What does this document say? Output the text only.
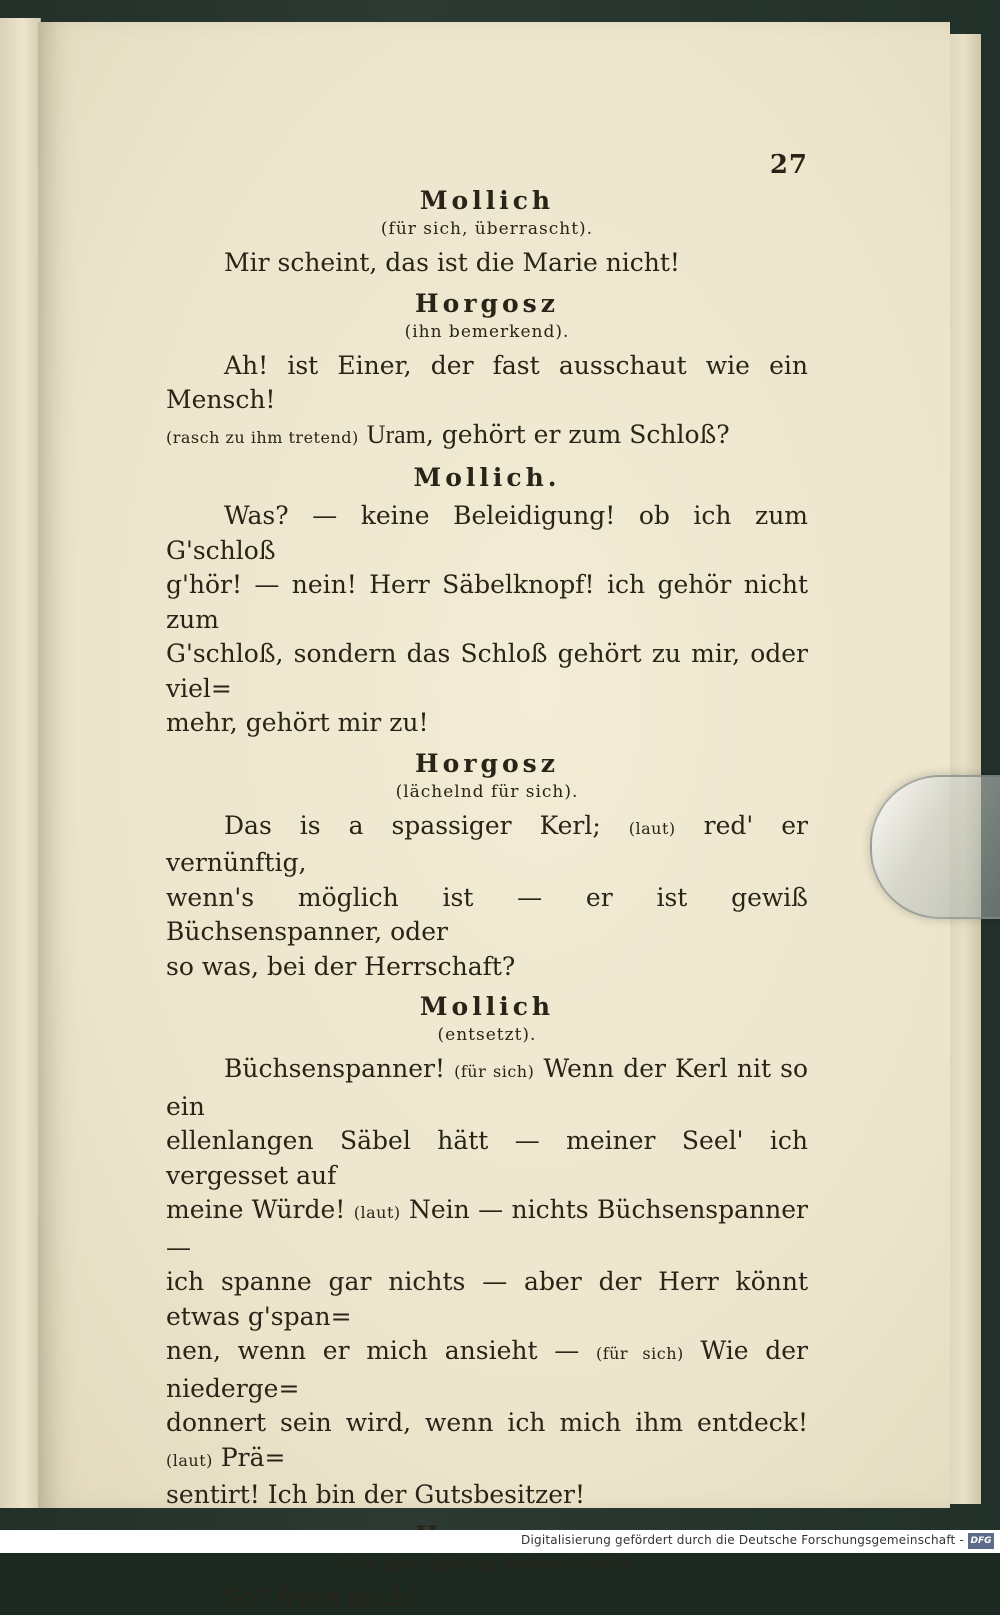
27

Mollich

(für sich, überrascht).

Mir scheint, das ist die Marie nicht!

Horgosz

(ihn bemerkend).

Ah! ist Einer, der fast ausschaut wie ein Mensch!

(rasch zu ihm tretend) Uram, gehört er zum Schloß?

Mollich.

Was? — keine Beleidigung! ob ich zum G'schloß

g'hör! — nein! Herr Säbelknopf! ich gehör nicht zum

G'schloß, sondern das Schloß gehört zu mir, oder viel=

mehr, gehört mir zu!

Horgosz

(lächelnd für sich).

Das is a spassiger Kerl; (laut) red' er vernünftig,

wenn's möglich ist — er ist gewiß Büchsenspanner, oder

so was, bei der Herrschaft?

Mollich

(entsetzt).

Büchsenspanner! (für sich) Wenn der Kerl nit so ein

ellenlangen Säbel hätt — meiner Seel' ich vergesset auf

meine Würde! (laut) Nein — nichts Büchsenspanner —

ich spanne gar nichts — aber der Herr könnt etwas g'span=

nen, wenn er mich ansieht — (für sich) Wie der niederge=

donnert sein wird, wenn ich mich ihm entdeck! (laut) Prä=

sentirt! Ich bin der Gutsbesitzer!

(ihn gleichgültig betrachtend).

So? freut mich!

Digitalisierung gefördert durch die Deutsche Forschungsgemeinschaft - DFG
